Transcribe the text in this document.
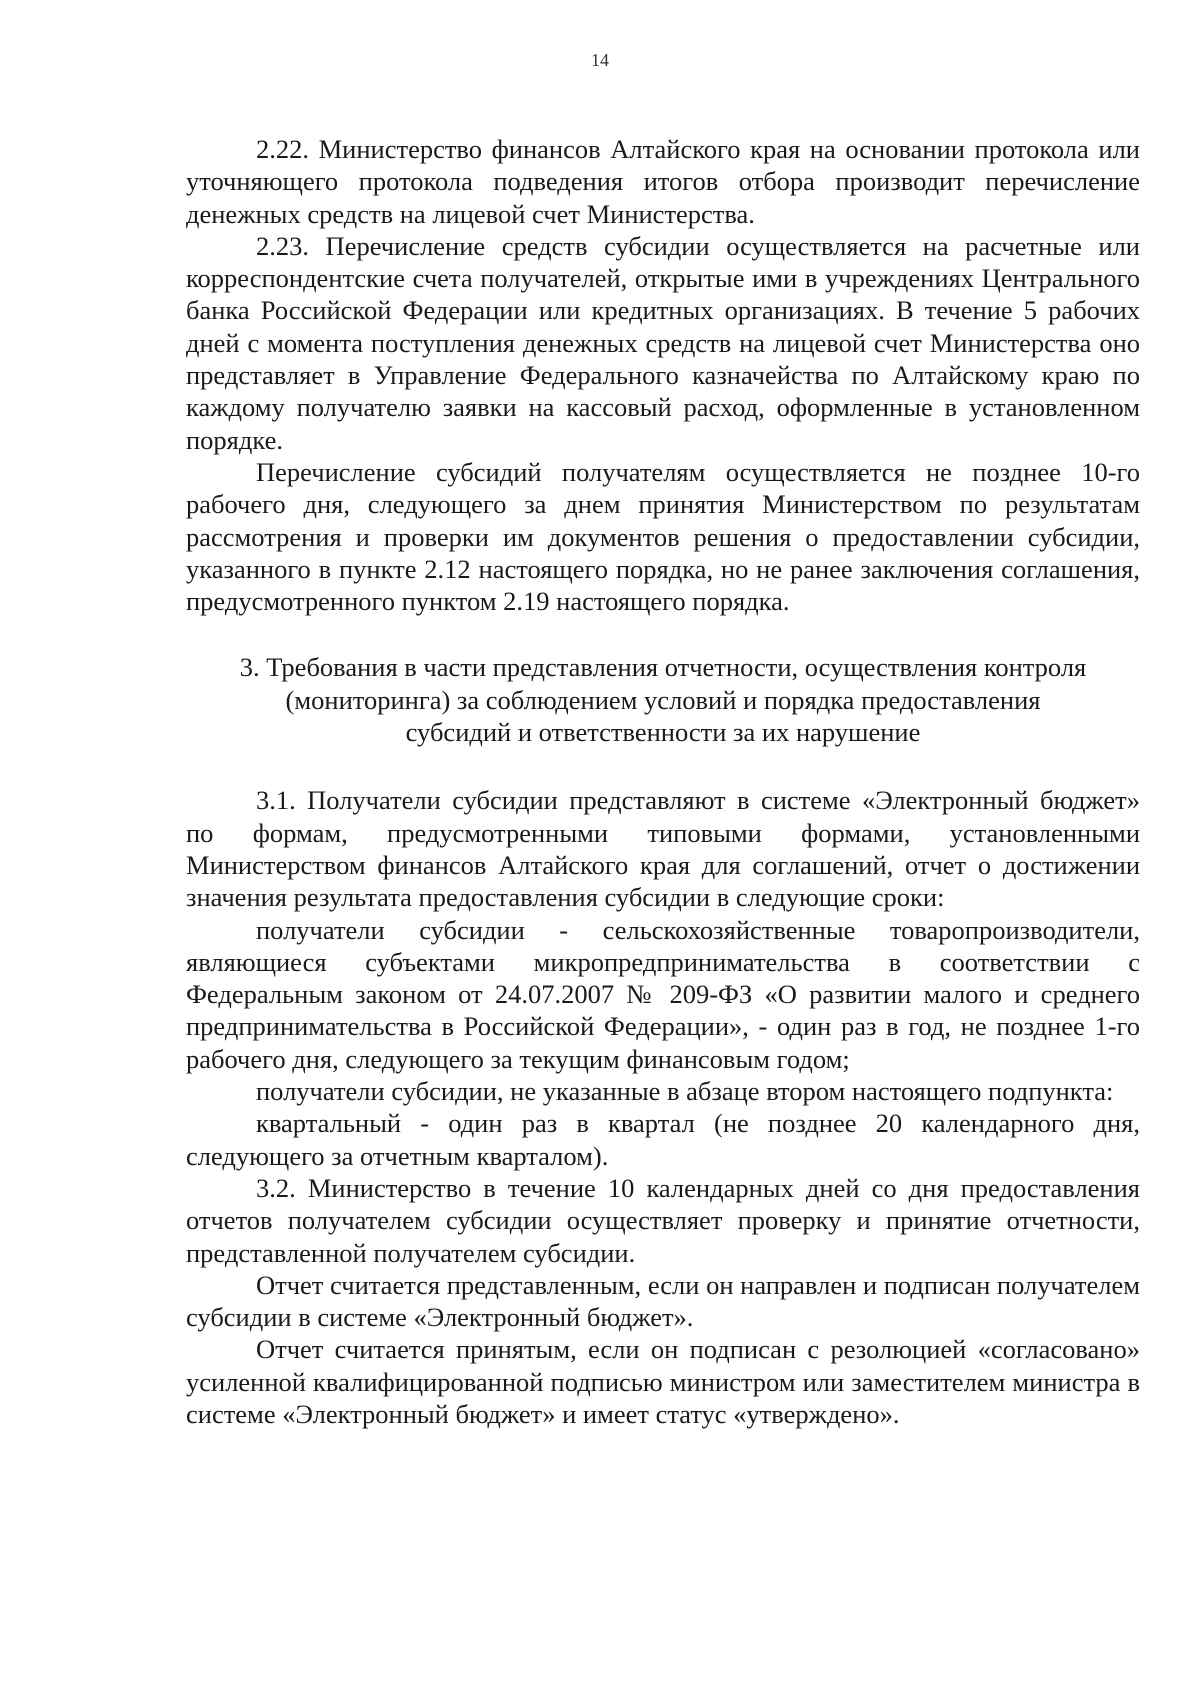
14

2.22. Министерство финансов Алтайского края на основании протокола или уточняющего протокола подведения итогов отбора производит перечисление денежных средств на лицевой счет Министерства.

2.23. Перечисление средств субсидии осуществляется на расчетные или корреспондентские счета получателей, открытые ими в учреждениях Центрального банка Российской Федерации или кредитных организациях. В течение 5 рабочих дней с момента поступления денежных средств на лицевой счет Министерства оно представляет в Управление Федерального казначейства по Алтайскому краю по каждому получателю заявки на кассовый расход, оформленные в установленном порядке.

Перечисление субсидий получателям осуществляется не позднее 10-го рабочего дня, следующего за днем принятия Министерством по результатам рассмотрения и проверки им документов решения о предоставлении субсидии, указанного в пункте 2.12 настоящего порядка, но не ранее заключения соглашения, предусмотренного пунктом 2.19 настоящего порядка.

3. Требования в части представления отчетности, осуществления контроля (мониторинга) за соблюдением условий и порядка предоставления субсидий и ответственности за их нарушение

3.1. Получатели субсидии представляют в системе «Электронный бюджет» по формам, предусмотренными типовыми формами, установленными Министерством финансов Алтайского края для соглашений, отчет о достижении значения результата предоставления субсидии в следующие сроки:

получатели субсидии - сельскохозяйственные товаропроизводители, являющиеся субъектами микропредпринимательства в соответствии с Федеральным законом от 24.07.2007 № 209-ФЗ «О развитии малого и среднего предпринимательства в Российской Федерации», - один раз в год, не позднее 1-го рабочего дня, следующего за текущим финансовым годом;

получатели субсидии, не указанные в абзаце втором настоящего подпункта:

квартальный - один раз в квартал (не позднее 20 календарного дня, следующего за отчетным кварталом).

3.2. Министерство в течение 10 календарных дней со дня предоставления отчетов получателем субсидии осуществляет проверку и принятие отчетности, представленной получателем субсидии.

Отчет считается представленным, если он направлен и подписан получателем субсидии в системе «Электронный бюджет».

Отчет считается принятым, если он подписан с резолюцией «согласовано» усиленной квалифицированной подписью министром или заместителем министра в системе «Электронный бюджет» и имеет статус «утверждено».
